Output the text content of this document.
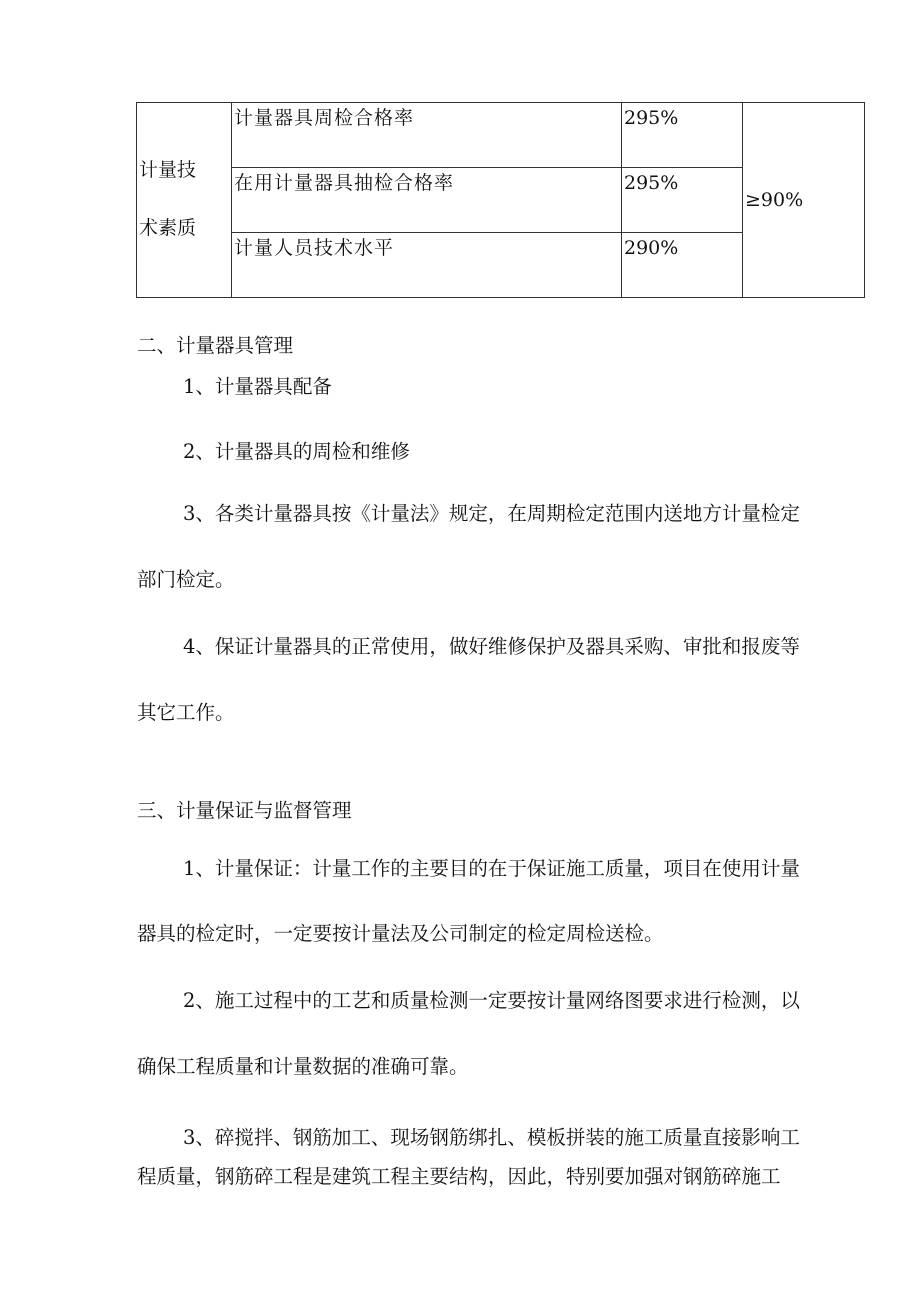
计量技
术素质	计量器具周检合格率	295%	≥90%
	在用计量器具抽检合格率	295%	
	计量人员技术水平	290%	

二、计量器具管理

1、计量器具配备

2、计量器具的周检和维修

3、各类计量器具按《计量法》规定，在周期检定范围内送地方计量检定

部门检定。

4、保证计量器具的正常使用，做好维修保护及器具采购、审批和报废等

其它工作。

三、计量保证与监督管理

1、计量保证：计量工作的主要目的在于保证施工质量，项目在使用计量

器具的检定时，一定要按计量法及公司制定的检定周检送检。

2、施工过程中的工艺和质量检测一定要按计量网络图要求进行检测，以

确保工程质量和计量数据的准确可靠。

3、碎搅拌、钢筋加工、现场钢筋绑扎、模板拼装的施工质量直接影响工

程质量，钢筋碎工程是建筑工程主要结构，因此，特别要加强对钢筋碎施工
